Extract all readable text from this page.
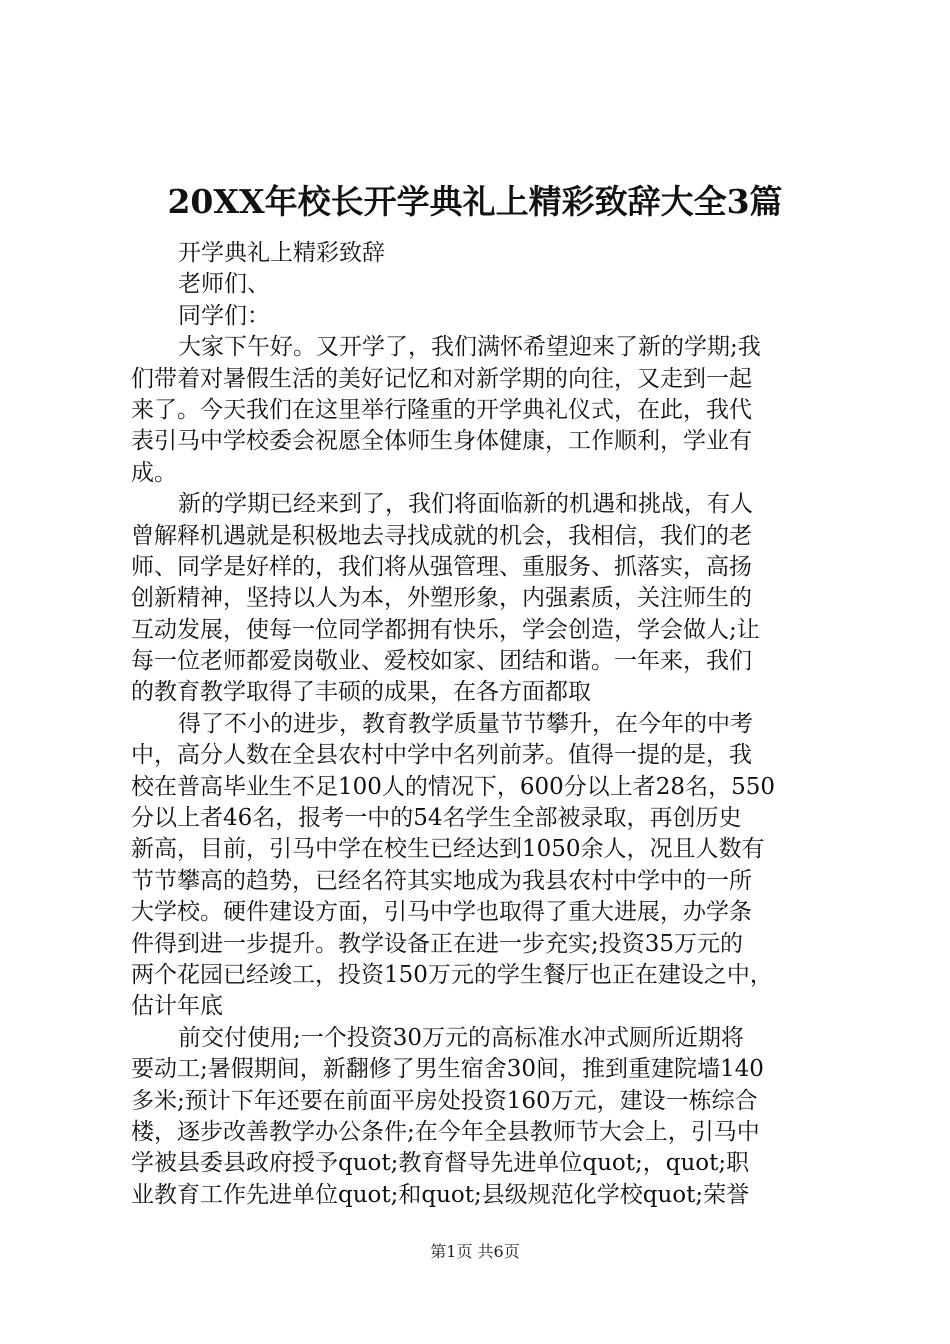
20XX年校长开学典礼上精彩致辞大全3篇

开学典礼上精彩致辞

老师们、

同学们：

大家下午好。又开学了，我们满怀希望迎来了新的学期;我

们带着对暑假生活的美好记忆和对新学期的向往，又走到一起

来了。今天我们在这里举行隆重的开学典礼仪式，在此，我代

表引马中学校委会祝愿全体师生身体健康，工作顺利，学业有

成。

新的学期已经来到了，我们将面临新的机遇和挑战，有人

曾解释机遇就是积极地去寻找成就的机会，我相信，我们的老

师、同学是好样的，我们将从强管理、重服务、抓落实，高扬

创新精神，坚持以人为本，外塑形象，内强素质，关注师生的

互动发展，使每一位同学都拥有快乐，学会创造，学会做人;让

每一位老师都爱岗敬业、爱校如家、团结和谐。一年来，我们

的教育教学取得了丰硕的成果，在各方面都取

得了不小的进步，教育教学质量节节攀升，在今年的中考

中，高分人数在全县农村中学中名列前茅。值得一提的是，我

校在普高毕业生不足100人的情况下，600分以上者28名，550

分以上者46名，报考一中的54名学生全部被录取，再创历史

新高，目前，引马中学在校生已经达到1050余人，况且人数有

节节攀高的趋势，已经名符其实地成为我县农村中学中的一所

大学校。硬件建设方面，引马中学也取得了重大进展，办学条

件得到进一步提升。教学设备正在进一步充实;投资35万元的

两个花园已经竣工，投资150万元的学生餐厅也正在建设之中，

估计年底

前交付使用;一个投资30万元的高标准水冲式厕所近期将

要动工;暑假期间，新翻修了男生宿舍30间，推到重建院墙140

多米;预计下年还要在前面平房处投资160万元，建设一栋综合

楼，逐步改善教学办公条件;在今年全县教师节大会上，引马中

学被县委县政府授予quot;教育督导先进单位quot;，quot;职

业教育工作先进单位quot;和quot;县级规范化学校quot;荣誉

第1页 共6页
